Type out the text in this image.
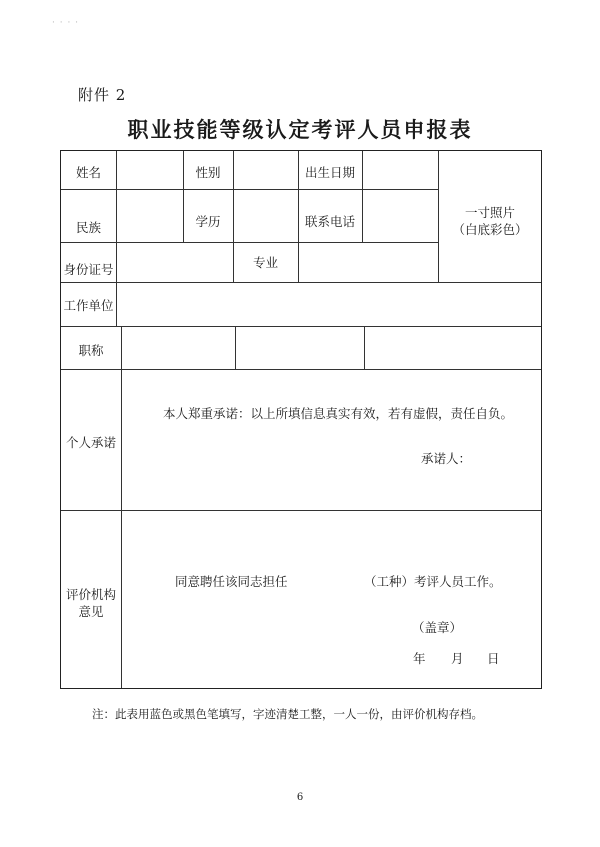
· · · ·
附件 2
职业技能等级认定考评人员申报表
姓名	性别	出生日期
一寸照片
（白底彩色）
民族	学历	联系电话
身份证号	专业
工作单位
职称
个人承诺
本人郑重承诺：以上所填信息真实有效，若有虚假，责任自负。
承诺人：
评价机构
意见
同意聘任该同志担任	（工种）考评人员工作。
（盖章）
年 月 日
注：此表用蓝色或黑色笔填写，字迹清楚工整，一人一份，由评价机构存档。
6
